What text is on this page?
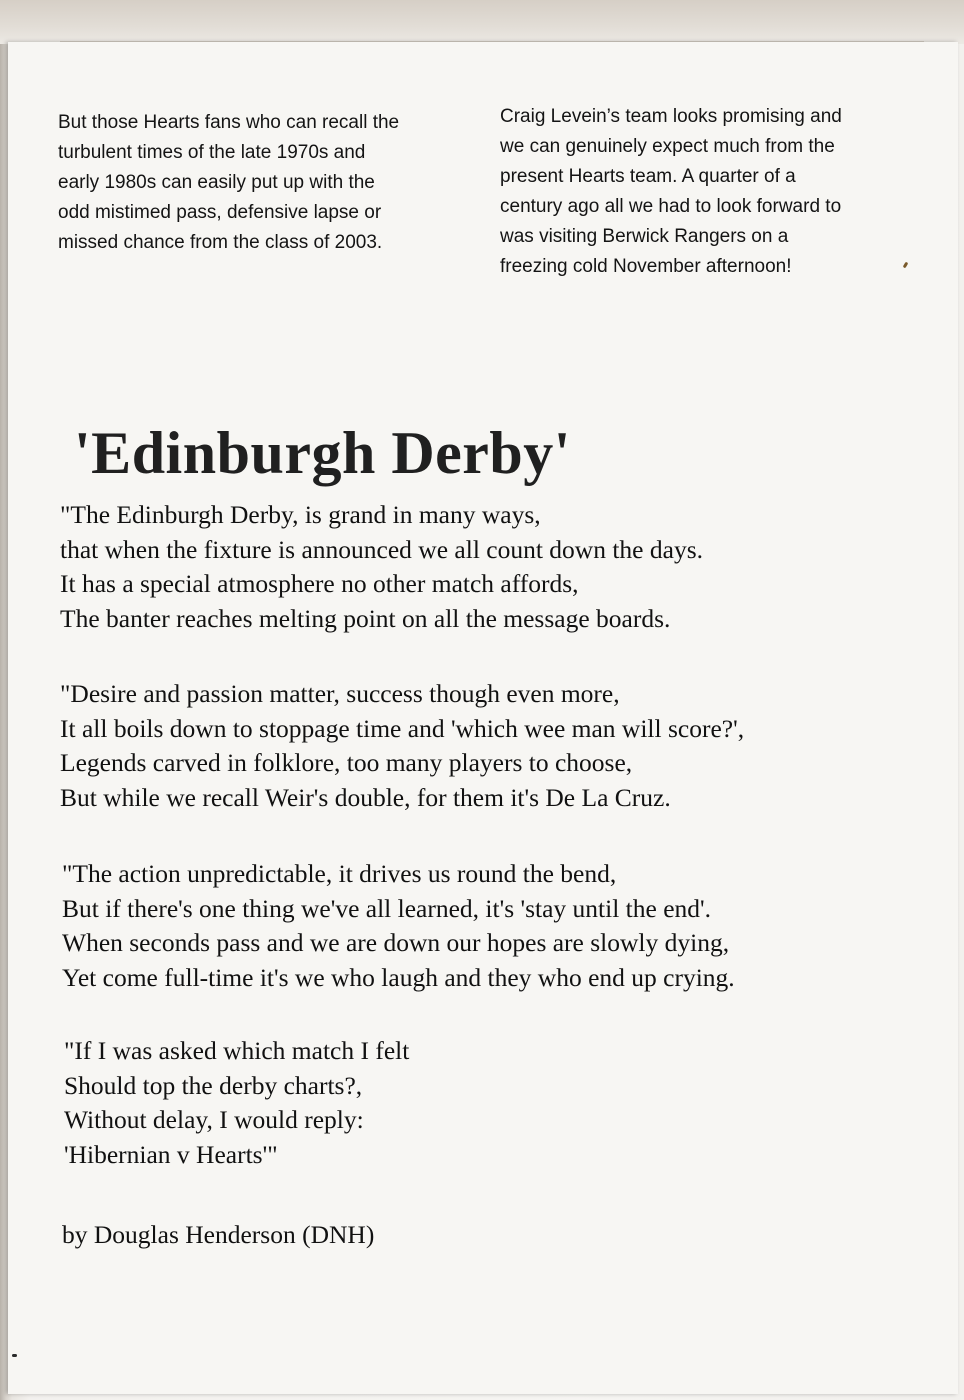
But those Hearts fans who can recall the
turbulent times of the late 1970s and
early 1980s can easily put up with the
odd mistimed pass, defensive lapse or
missed chance from the class of 2003.
Craig Levein’s team looks promising and
we can genuinely expect much from the
present Hearts team. A quarter of a
century ago all we had to look forward to
was visiting Berwick Rangers on a
freezing cold November afternoon!
'Edinburgh Derby'
"The Edinburgh Derby, is grand in many ways,
that when the fixture is announced we all count down the days.
It has a special atmosphere no other match affords,
The banter reaches melting point on all the message boards.
"Desire and passion matter, success though even more,
It all boils down to stoppage time and 'which wee man will score?',
Legends carved in folklore, too many players to choose,
But while we recall Weir's double, for them it's De La Cruz.
"The action unpredictable, it drives us round the bend,
But if there's one thing we've all learned, it's 'stay until the end'.
When seconds pass and we are down our hopes are slowly dying,
Yet come full-time it's we who laugh and they who end up crying.
"If I was asked which match I felt
Should top the derby charts?,
Without delay, I would reply:
'Hibernian v Hearts'"
by Douglas Henderson (DNH)
